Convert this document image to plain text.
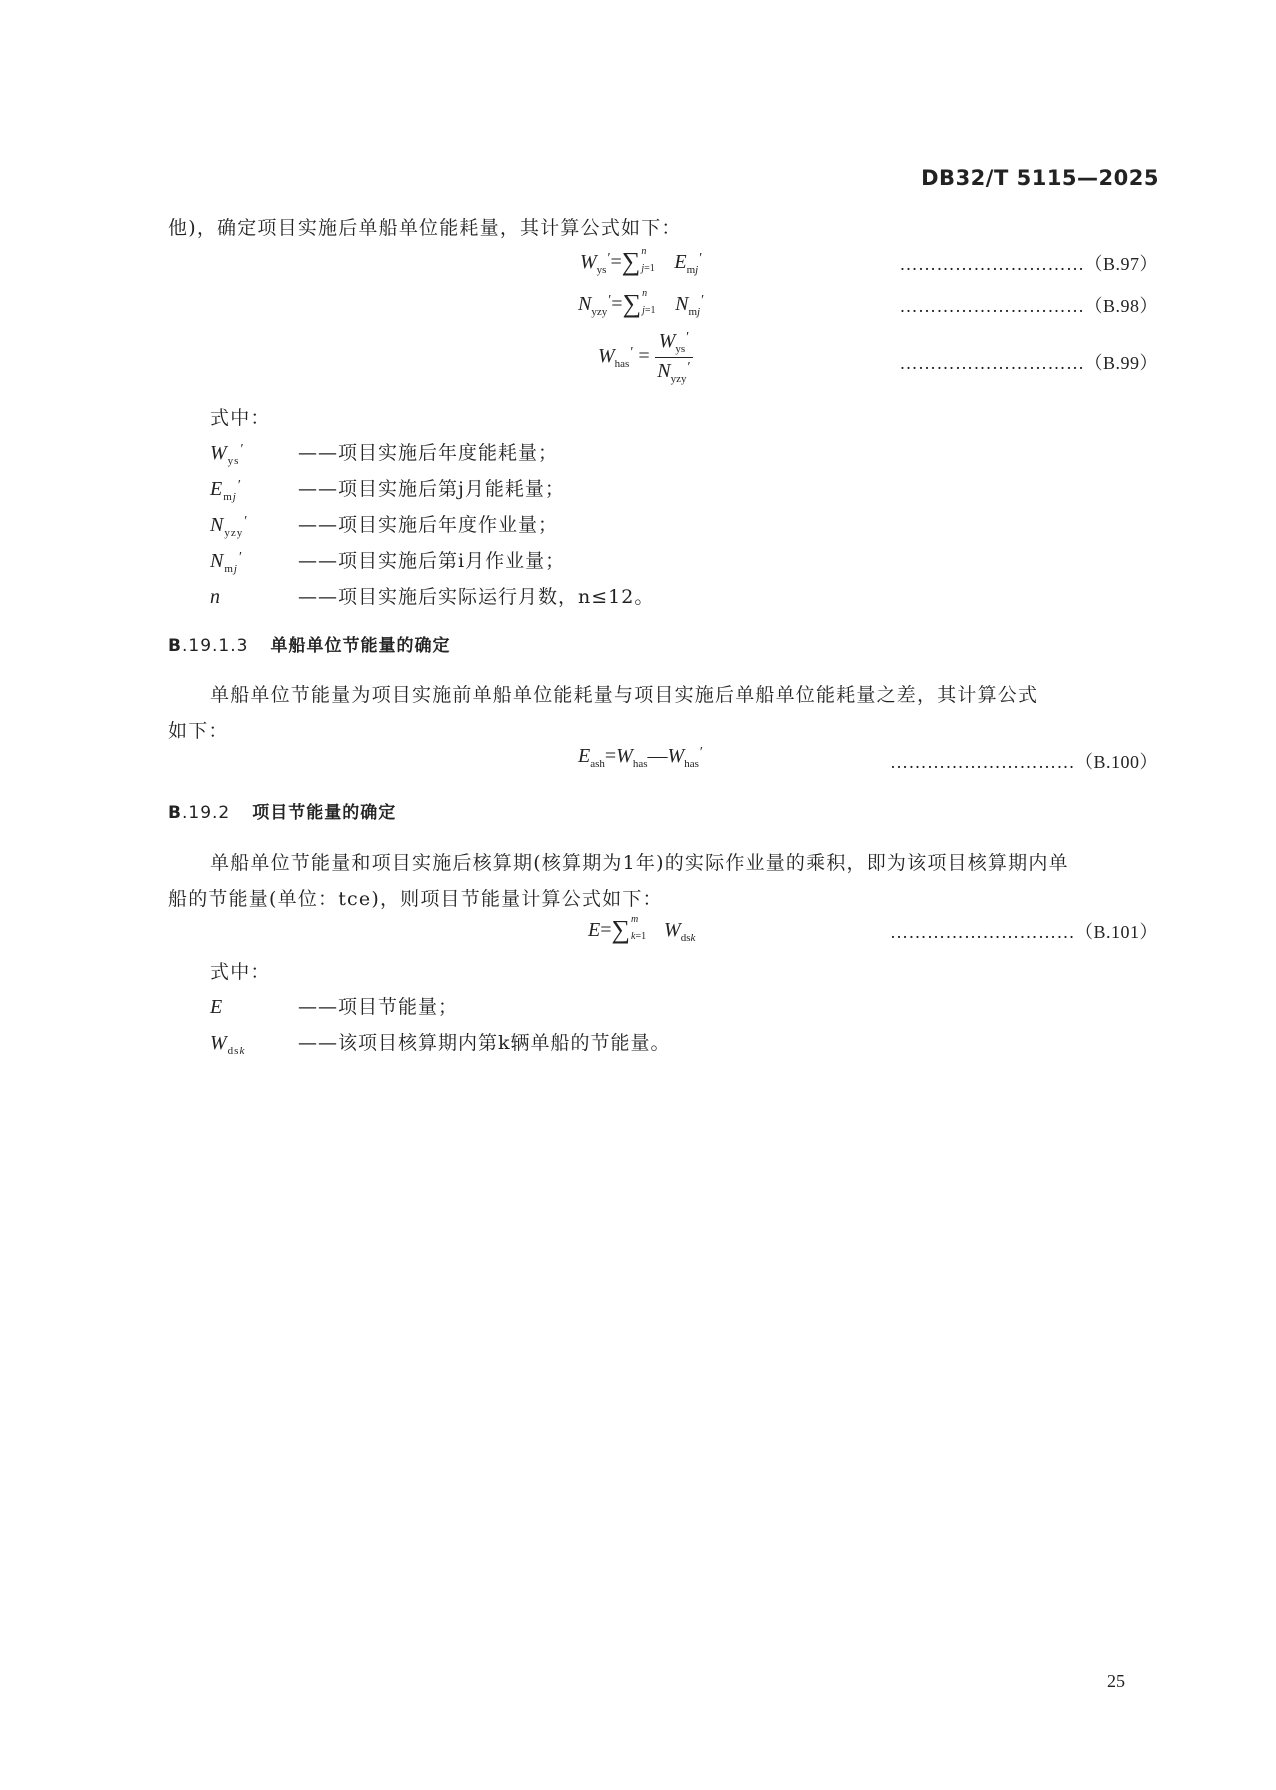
DB32/T 5115—2025
他)，确定项目实施后单船单位能耗量，其计算公式如下：
$W_{ys}'=\sum$ n
j=1 $E_{mj}'$	…………………………（B.97）
$N_{yzy}'=\sum$ n
j=1 $N_{mj}'$	…………………………（B.98）
$W_{has}' = \frac{W_{ys}'}{N_{yzy}'}$	…………………………（B.99）
式中：
$W_{ys}'$	——项目实施后年度能耗量；
$E_{mj}'$	——项目实施后第j月能耗量；
$N_{yzy}'$	——项目实施后年度作业量；
$N_{mj}'$	——项目实施后第i月作业量；
n	——项目实施后实际运行月数，n≤12。
B.19.1.3 单船单位节能量的确定
单船单位节能量为项目实施前单船单位能耗量与项目实施后单船单位能耗量之差，其计算公式
如下：
$E_{ash}=W_{has}—W_{has}'$	…………………………（B.100）
B.19.2 项目节能量的确定
单船单位节能量和项目实施后核算期(核算期为1年)的实际作业量的乘积，即为该项目核算期内单
船的节能量(单位：tce)，则项目节能量计算公式如下：
E=∑ m
k=1 $W_{dsk}$	…………………………（B.101）
式中：
E	——项目节能量；
$W_{dsk}$	——该项目核算期内第k辆单船的节能量。
25
